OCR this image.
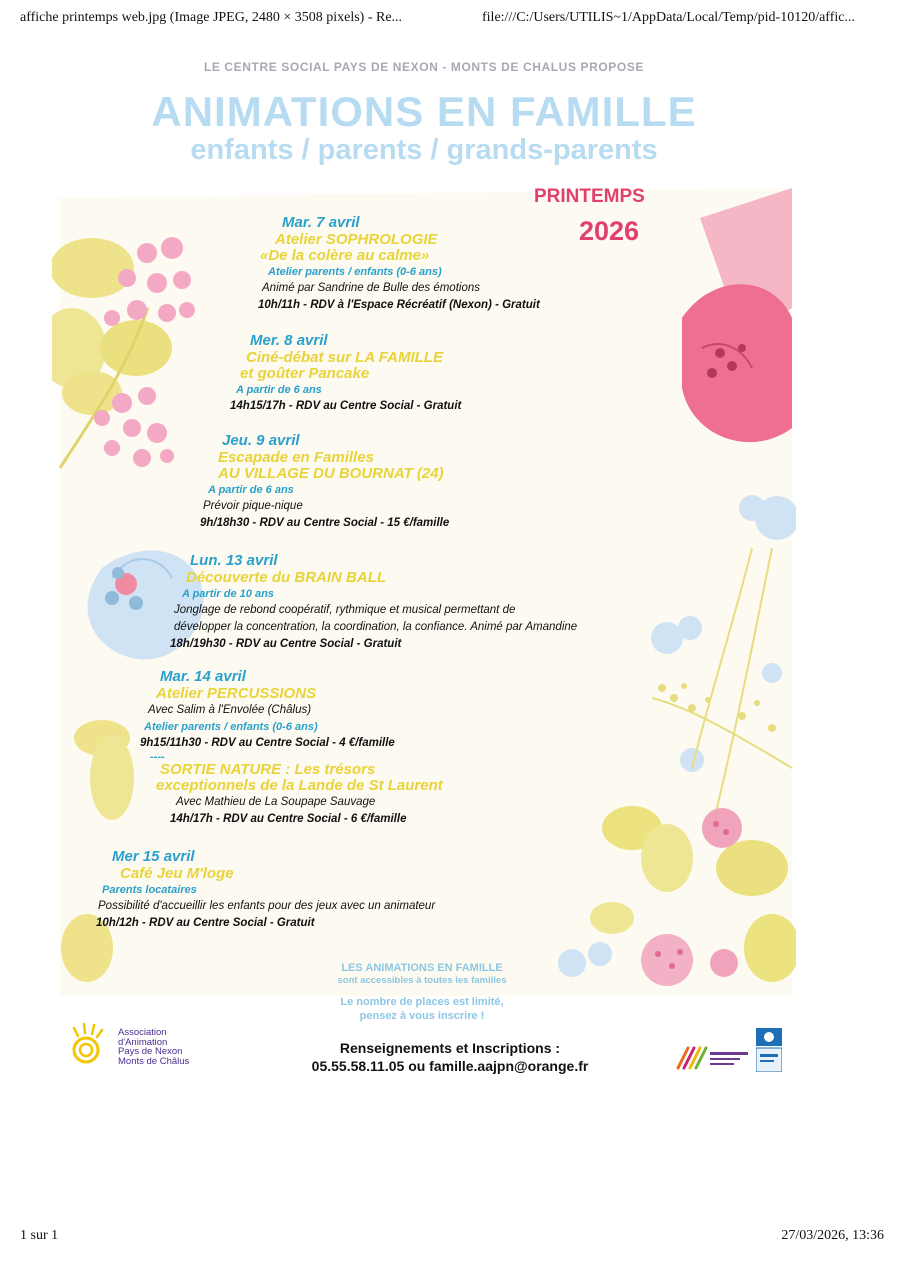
affiche printemps web.jpg (Image JPEG, 2480 × 3508 pixels) - Re...	file:///C:/Users/UTILIS~1/AppData/Local/Temp/pid-10120/affic...
LE CENTRE SOCIAL PAYS DE NEXON - MONTS DE CHALUS PROPOSE
ANIMATIONS EN FAMILLE
enfants / parents / grands-parents
PRINTEMPS
2026
Mar. 7 avril
Atelier SOPHROLOGIE
«De la colère au calme»
Atelier parents / enfants (0-6 ans)
Animé par Sandrine de Bulle des émotions
10h/11h - RDV à l'Espace Récréatif (Nexon) - Gratuit
Mer. 8 avril
Ciné-débat sur LA FAMILLE
et goûter Pancake
A partir de 6 ans
14h15/17h - RDV au Centre Social - Gratuit
Jeu. 9 avril
Escapade en Familles
AU VILLAGE DU BOURNAT (24)
A partir de 6 ans
Prévoir pique-nique
9h/18h30 - RDV au Centre Social - 15 €/famille
Lun. 13 avril
Découverte du BRAIN BALL
A partir de 10 ans
Jonglage de rebond coopératif, rythmique et musical permettant de
développer la concentration, la coordination, la confiance. Animé par Amandine
18h/19h30 - RDV au Centre Social - Gratuit
Mar. 14 avril
Atelier PERCUSSIONS
Avec Salim à l'Envolée (Châlus)
Atelier parents / enfants (0-6 ans)
9h15/11h30 - RDV au Centre Social - 4 €/famille
----
SORTIE NATURE : Les trésors
exceptionnels de la Lande de St Laurent
Avec Mathieu de La Soupape Sauvage
14h/17h - RDV au Centre Social - 6 €/famille
Mer 15 avril
Café Jeu M'loge
Parents locataires
Possibilité d'accueillir les enfants pour des jeux avec un animateur
10h/12h - RDV au Centre Social - Gratuit
LES ANIMATIONS EN FAMILLE
sont accessibles à toutes les familles
Le nombre de places est limité,
pensez à vous inscrire !
Association
d'Animation
Pays de Nexon
Monts de Châlus
Renseignements et Inscriptions :
05.55.58.11.05 ou famille.aajpn@orange.fr
1 sur 1	27/03/2026, 13:36
